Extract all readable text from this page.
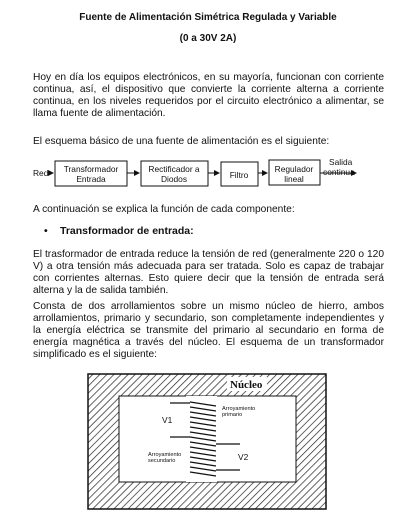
Fuente de Alimentación Simétrica Regulada y Variable
(0 a 30V 2A)

Hoy en día los equipos electrónicos, en su mayoría, funcionan con corriente continua, así, el dispositivo que convierte la corriente alterna a corriente continua, en los niveles requeridos por el circuito electrónico a alimentar, se llama fuente de alimentación.

El esquema básico de una fuente de alimentación es el siguiente:

A continuación se explica la función de cada componente:

• Transformador de entrada:

El trasformador de entrada reduce la tensión de red (generalmente 220 o 120 V) a otra tensión más adecuada para ser tratada. Solo es capaz de trabajar con corrientes alternas. Esto quiere decir que la tensión de entrada será alterna y la de salida también.

Consta de dos arrollamientos sobre un mismo núcleo de hierro, ambos arrollamientos, primario y secundario, son completamente independientes y la energía eléctrica se transmite del primario al secundario en forma de energía magnética a través del núcleo. El esquema de un transformador simplificado es el siguiente:

Red Transformador
Entrada
Rectificador a
Diodos	Filtro
Regulador
lineal
Salida
continua
Núcleo
V1
V2
Arroyamiento
primario
Arroyamiento
secundario
